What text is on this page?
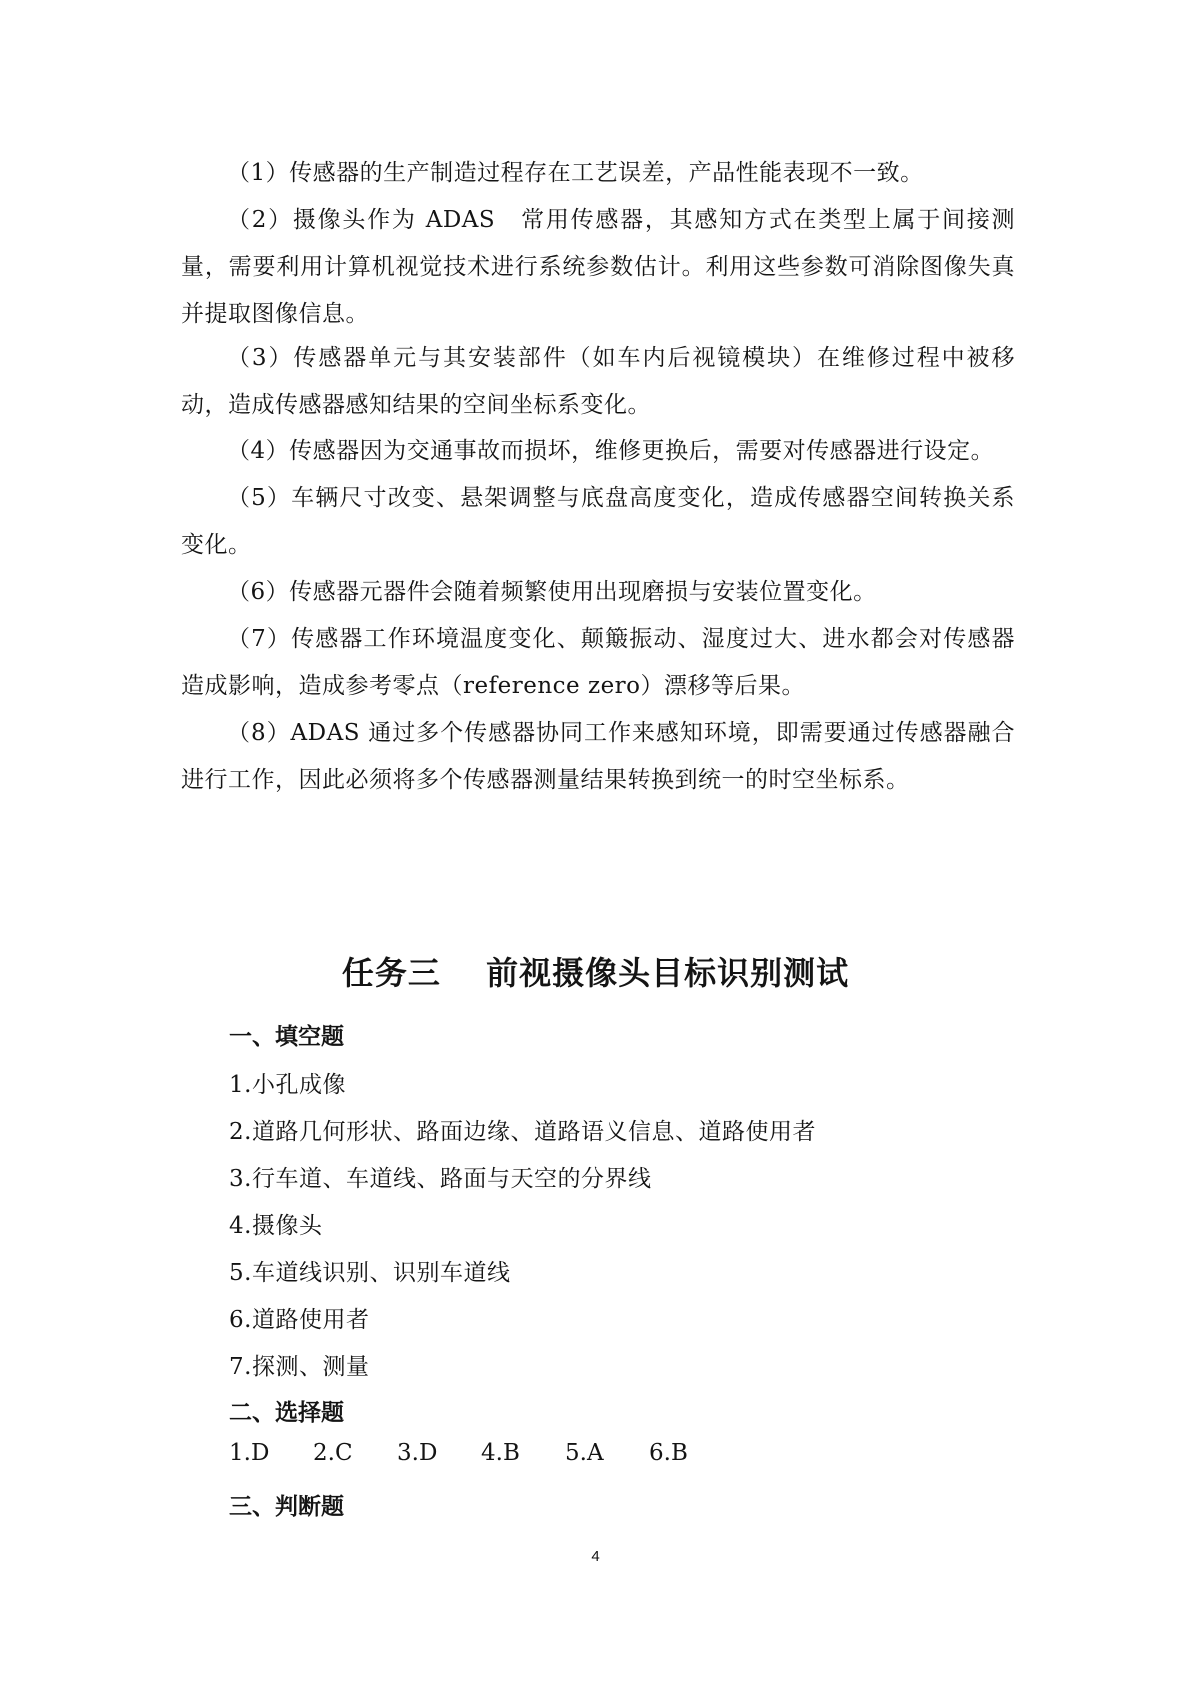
（1）传感器的生产制造过程存在工艺误差，产品性能表现不一致。

（2）摄像头作为 ADAS　常用传感器，其感知方式在类型上属于间接测量，需要利用计算机视觉技术进行系统参数估计。利用这些参数可消除图像失真并提取图像信息。

（3）传感器单元与其安装部件（如车内后视镜模块）在维修过程中被移动，造成传感器感知结果的空间坐标系变化。

（4）传感器因为交通事故而损坏，维修更换后，需要对传感器进行设定。

（5）车辆尺寸改变、悬架调整与底盘高度变化，造成传感器空间转换关系变化。

（6）传感器元器件会随着频繁使用出现磨损与安装位置变化。

（7）传感器工作环境温度变化、颠簸振动、湿度过大、进水都会对传感器造成影响，造成参考零点（reference zero）漂移等后果。

（8）ADAS 通过多个传感器协同工作来感知环境，即需要通过传感器融合进行工作，因此必须将多个传感器测量结果转换到统一的时空坐标系。

任务三　 前视摄像头目标识别测试
一、填空题

1.小孔成像

2.道路几何形状、路面边缘、道路语义信息、道路使用者

3.行车道、车道线、路面与天空的分界线

4.摄像头

5.车道线识别、识别车道线

6.道路使用者

7.探测、测量

二、选择题
1.D	2.C	3.D	4.B	5.A	6.B
三、判断题

4
